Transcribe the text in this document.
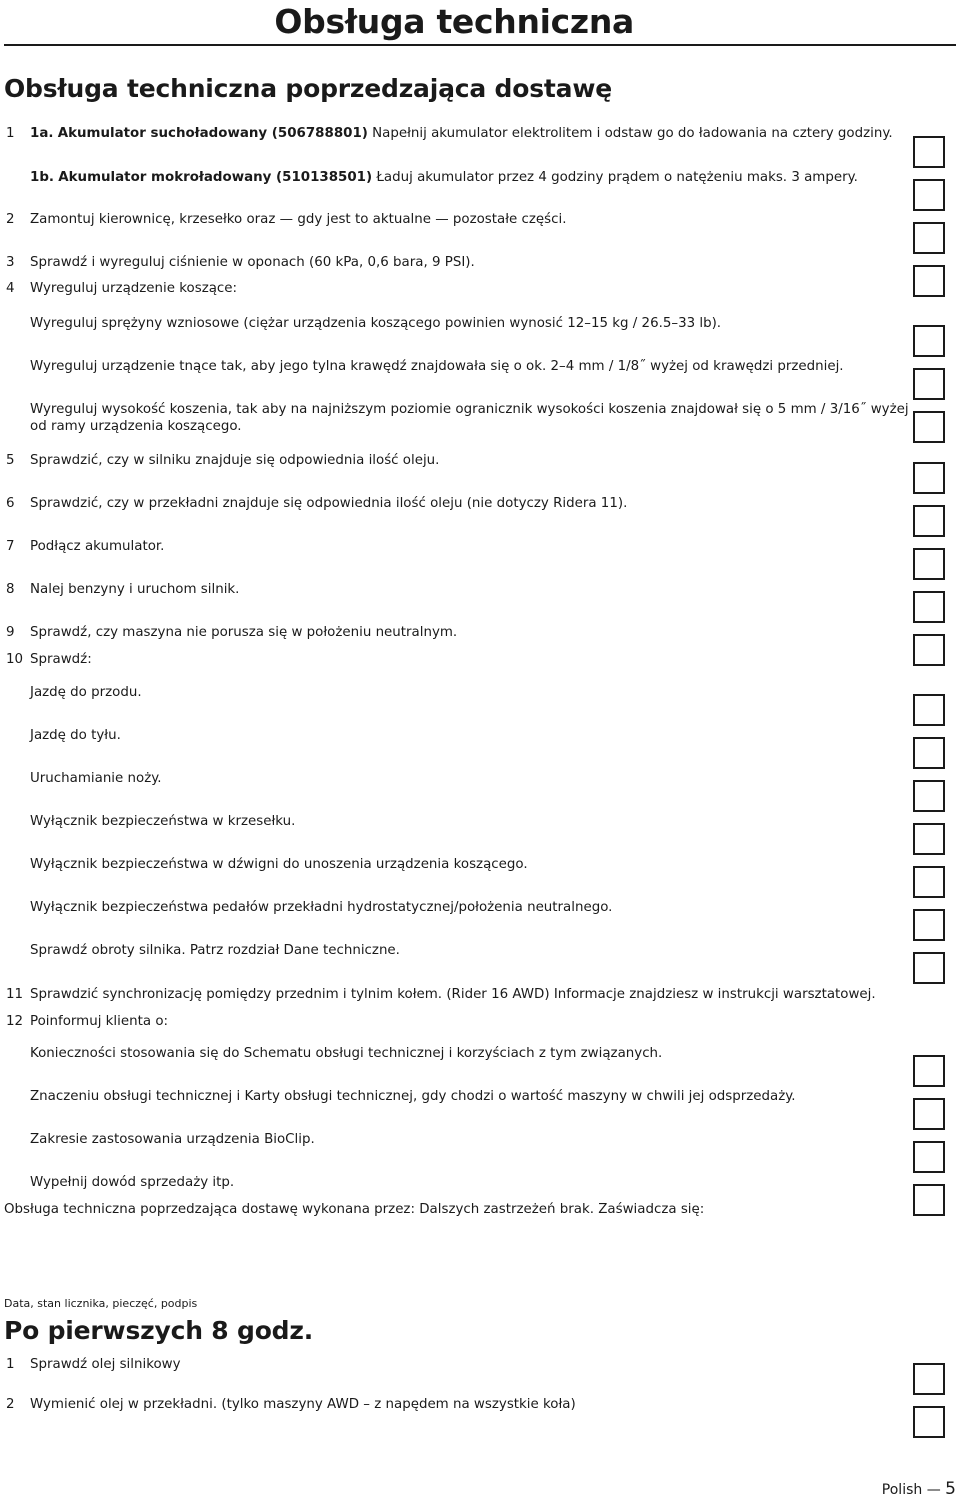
Obsługa techniczna
Obsługa techniczna poprzedzająca dostawę
1 1a. Akumulator suchoładowany (506788801) Napełnij akumulator elektrolitem i odstaw go do ładowania na cztery godziny.
1b. Akumulator mokroładowany (510138501) Ładuj akumulator przez 4 godziny prądem o natężeniu maks. 3 ampery.
2 Zamontuj kierownicę, krzesełko oraz — gdy jest to aktualne — pozostałe części.
3 Sprawdź i wyreguluj ciśnienie w oponach (60 kPa, 0,6 bara, 9 PSI).
4 Wyreguluj urządzenie koszące:
Wyreguluj sprężyny wzniosowe (ciężar urządzenia koszącego powinien wynosić 12–15 kg / 26.5–33 lb).
Wyreguluj urządzenie tnące tak, aby jego tylna krawędź znajdowała się o ok. 2–4 mm / 1/8˝ wyżej od krawędzi przedniej.
Wyreguluj wysokość koszenia, tak aby na najniższym poziomie ogranicznik wysokości koszenia znajdował się o 5 mm / 3/16˝ wyżej
od ramy urządzenia koszącego.
5 Sprawdzić, czy w silniku znajduje się odpowiednia ilość oleju.
6 Sprawdzić, czy w przekładni znajduje się odpowiednia ilość oleju (nie dotyczy Ridera 11).
7 Podłącz akumulator.
8 Nalej benzyny i uruchom silnik.
9 Sprawdź, czy maszyna nie porusza się w położeniu neutralnym.
10 Sprawdź:
Jazdę do przodu.
Jazdę do tyłu.
Uruchamianie noży.
Wyłącznik bezpieczeństwa w krzesełku.
Wyłącznik bezpieczeństwa w dźwigni do unoszenia urządzenia koszącego.
Wyłącznik bezpieczeństwa pedałów przekładni hydrostatycznej/położenia neutralnego.
Sprawdź obroty silnika. Patrz rozdział Dane techniczne.
11 Sprawdzić synchronizację pomiędzy przednim i tylnim kołem. (Rider 16 AWD) Informacje znajdziesz w instrukcji warsztatowej.
12 Poinformuj klienta o:
Konieczności stosowania się do Schematu obsługi technicznej i korzyściach z tym związanych.
Znaczeniu obsługi technicznej i Karty obsługi technicznej, gdy chodzi o wartość maszyny w chwili jej odsprzedaży.
Zakresie zastosowania urządzenia BioClip.
Wypełnij dowód sprzedaży itp.
Obsługa techniczna poprzedzająca dostawę wykonana przez: Dalszych zastrzeżeń brak. Zaświadcza się:
Data, stan licznika, pieczęć, podpis
Po pierwszych 8 godz.
1 Sprawdź olej silnikowy
2 Wymienić olej w przekładni. (tylko maszyny AWD – z napędem na wszystkie koła)
Polish — 5
